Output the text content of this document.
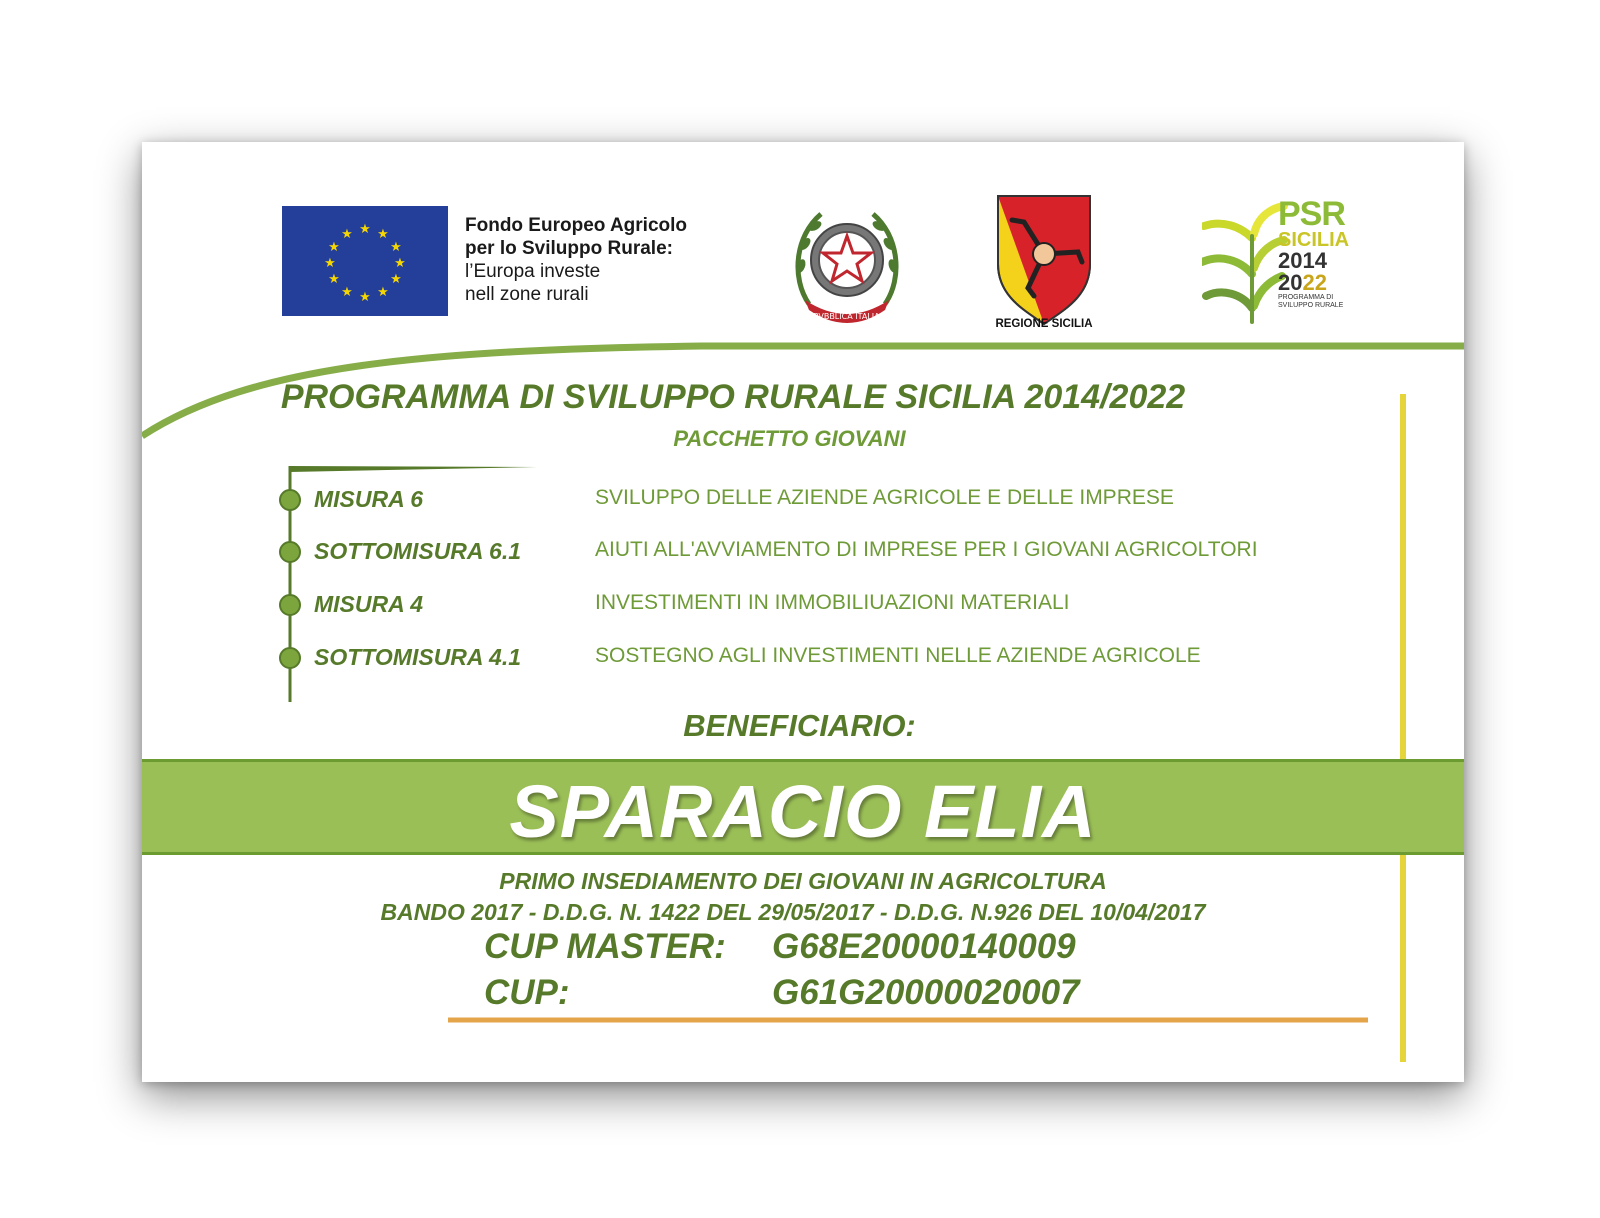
★ ★
★
★
★
★
★
★
★
★
★
★	Fondo Europeo Agricolo
per lo Sviluppo Rurale:
l’Europa investe
nell zone rurali
REPVBBLICA ITALIANA
REGIONE SICILIA
PSR
SICILIA
2014
2022
PROGRAMMA DI SVILUPPO RURALE
PROGRAMMA DI SVILUPPO RURALE SICILIA 2014/2022
PACCHETTO GIOVANI
MISURA 6	SVILUPPO DELLE AZIENDE AGRICOLE E DELLE IMPRESE
SOTTOMISURA 6.1	AIUTI ALL'AVVIAMENTO DI IMPRESE PER I GIOVANI AGRICOLTORI
MISURA 4	INVESTIMENTI IN IMMOBILIUAZIONI MATERIALI
SOTTOMISURA 4.1	SOSTEGNO AGLI INVESTIMENTI NELLE AZIENDE AGRICOLE
BENEFICIARIO:
SPARACIO ELIA
PRIMO INSEDIAMENTO DEI GIOVANI IN AGRICOLTURA
BANDO 2017 - D.D.G. N. 1422 DEL 29/05/2017 - D.D.G. N.926 DEL 10/04/2017
CUP MASTER: G68E20000140009
CUP:	G61G20000020007
